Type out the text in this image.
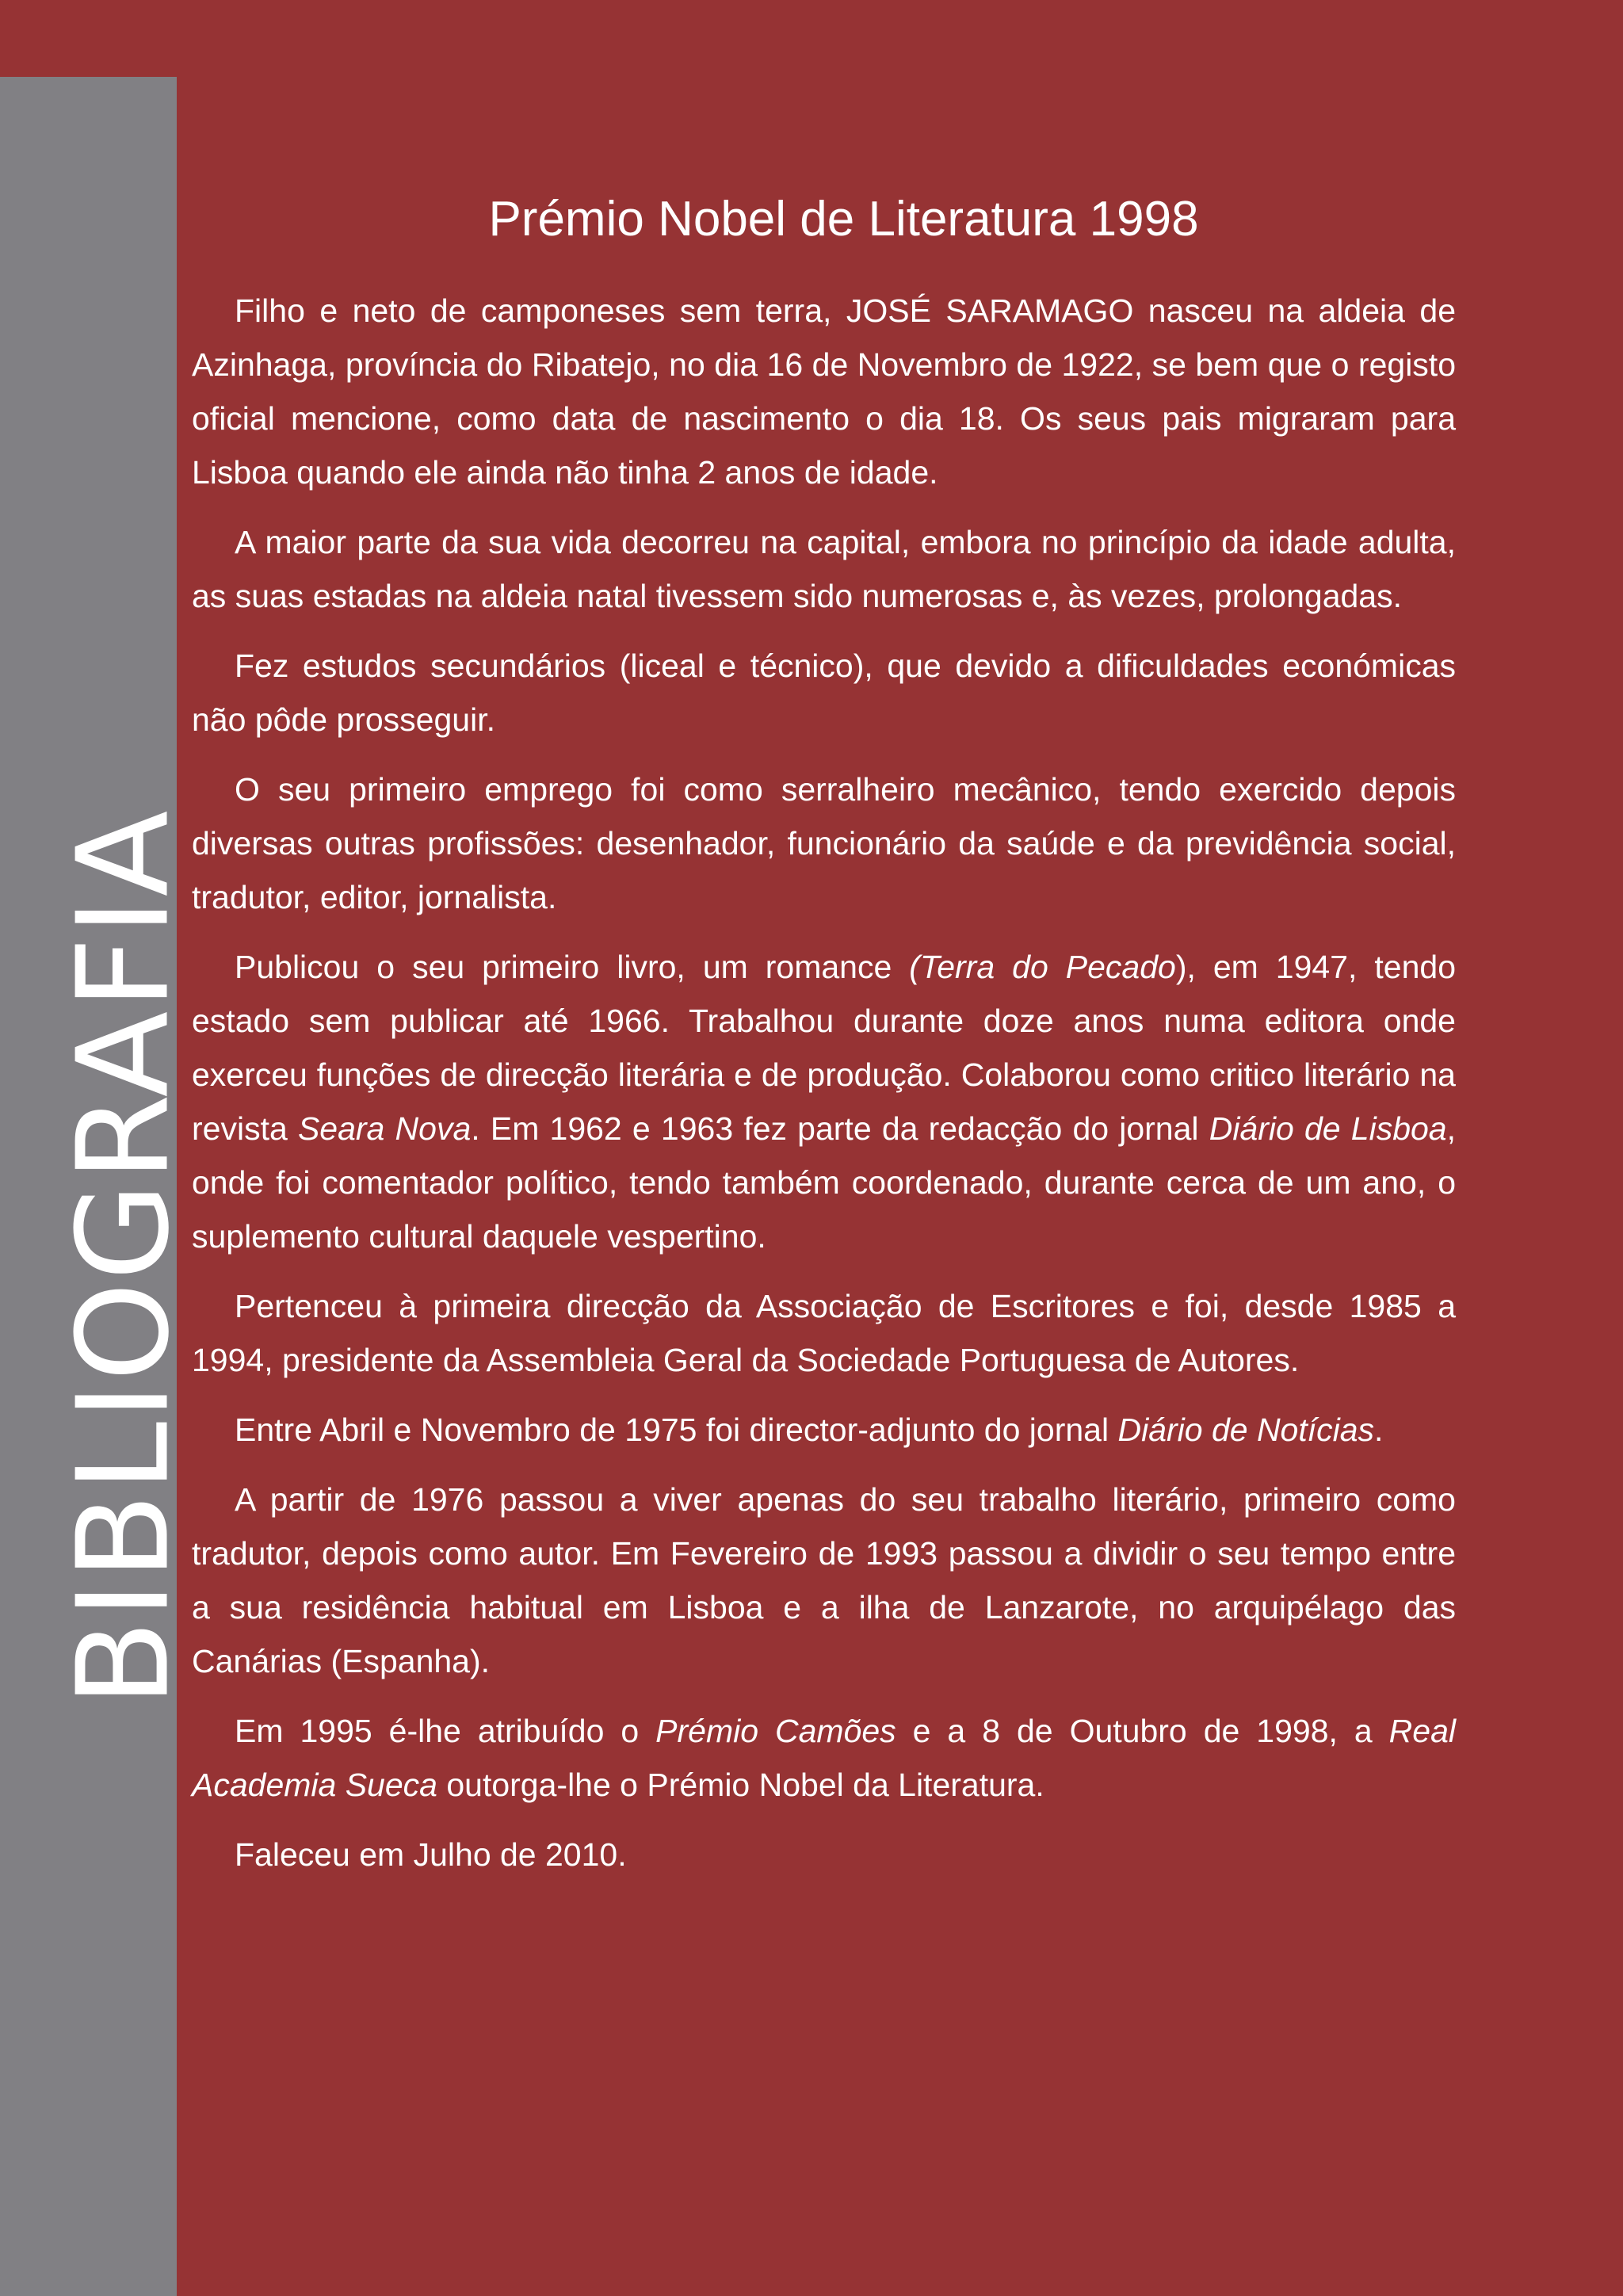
BIBLIOGRAFIA
Prémio Nobel de Literatura 1998

Filho e neto de camponeses sem terra, JOSÉ SARAMAGO nasceu na aldeia de Azinhaga, província do Ribatejo, no dia 16 de Novembro de 1922, se bem que o registo oficial mencione, como data de nascimento o dia 18. Os seus pais migraram para Lisboa quando ele ainda não tinha 2 anos de idade.

A maior parte da sua vida decorreu na capital, embora no princípio da idade adulta, as suas estadas na aldeia natal tivessem sido numerosas e, às vezes, prolongadas.

Fez estudos secundários (liceal e técnico), que devido a dificuldades económicas não pôde prosseguir.

O seu primeiro emprego foi como serralheiro mecânico, tendo exercido depois diversas outras profissões: desenhador, funcionário da saúde e da previdência social, tradutor, editor, jornalista.

Publicou o seu primeiro livro, um romance (Terra do Pecado), em 1947, tendo estado sem publicar até 1966. Trabalhou durante doze anos numa editora onde exerceu funções de direcção literária e de produção. Colaborou como critico literário na revista Seara Nova. Em 1962 e 1963 fez parte da redacção do jornal Diário de Lisboa, onde foi comentador político, tendo também coordenado, durante cerca de um ano, o suplemento cultural daquele vespertino.

Pertenceu à primeira direcção da Associação de Escritores e foi, desde 1985 a 1994, presidente da Assembleia Geral da Sociedade Portuguesa de Autores.

Entre Abril e Novembro de 1975 foi director-adjunto do jornal Diário de Notícias.

A partir de 1976 passou a viver apenas do seu trabalho literário, primeiro como tradutor, depois como autor. Em Fevereiro de 1993 passou a dividir o seu tempo entre a sua residência habitual em Lisboa e a ilha de Lanzarote, no arquipélago das Canárias (Espanha).

Em 1995 é-lhe atribuído o Prémio Camões e a 8 de Outubro de 1998, a Real Academia Sueca outorga-lhe o Prémio Nobel da Literatura.

Faleceu em Julho de 2010.
